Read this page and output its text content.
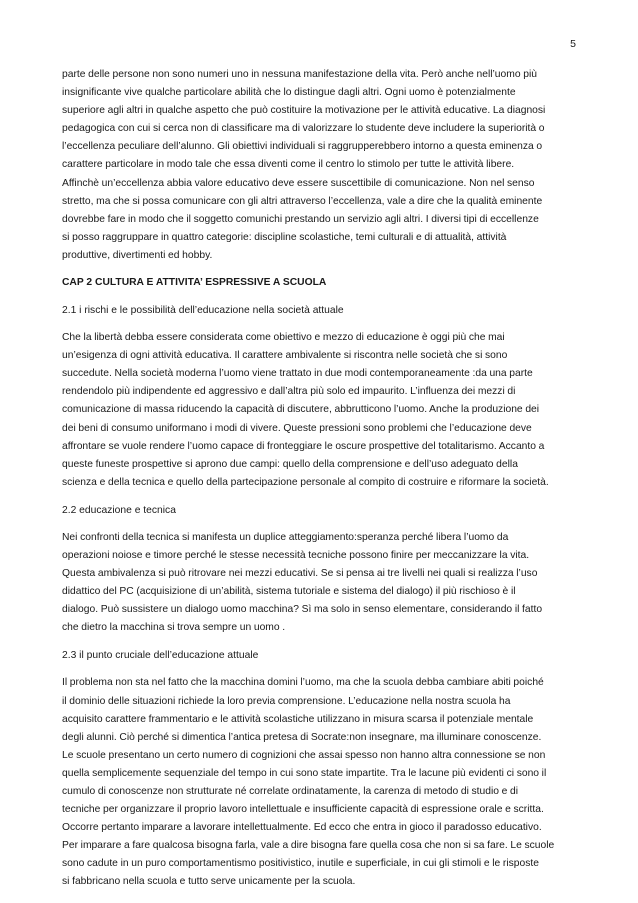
5

parte delle persone non sono numeri uno in nessuna manifestazione della vita. Però anche nell’uomo più
insignificante vive qualche particolare abilità che lo distingue dagli altri. Ogni uomo è potenzialmente
superiore agli altri in qualche aspetto che può costituire la motivazione per le attività educative. La diagnosi
pedagogica con cui si cerca non di classificare ma di valorizzare lo studente deve includere la superiorità o
l’eccellenza peculiare dell’alunno. Gli obiettivi individuali si raggrupperebbero intorno a questa eminenza o
carattere particolare in modo tale che essa diventi come il centro lo stimolo per tutte le attività libere.
Affinchè un’eccellenza abbia valore educativo deve essere suscettibile di comunicazione. Non nel senso
stretto, ma che si possa comunicare con gli altri attraverso l’eccellenza, vale a dire che la qualità eminente
dovrebbe fare in modo che il soggetto comunichi prestando un servizio agli altri. I diversi tipi di eccellenze
si posso raggruppare in quattro categorie: discipline scolastiche, temi culturali e di attualità, attività
produttive, divertimenti ed hobby.

CAP 2 CULTURA E ATTIVITA’ ESPRESSIVE A SCUOLA
2.1 i rischi e le possibilità dell’educazione nella società attuale

Che la libertà debba essere considerata come obiettivo e mezzo di educazione è oggi più che mai
un’esigenza di ogni attività educativa. Il carattere ambivalente si riscontra nelle società che si sono
succedute. Nella società moderna l’uomo viene trattato in due modi contemporaneamente :da una parte
rendendolo più indipendente ed aggressivo e dall’altra più solo ed impaurito. L’influenza dei mezzi di
comunicazione di massa riducendo la capacità di discutere, abbrutticono l’uomo. Anche la produzione dei
dei beni di consumo uniformano i modi di vivere. Queste pressioni sono problemi che l’educazione deve
affrontare se vuole rendere l’uomo capace di fronteggiare le oscure prospettive del totalitarismo. Accanto a
queste funeste prospettive si aprono due campi: quello della comprensione e dell’uso adeguato della
scienza e della tecnica e quello della partecipazione personale al compito di costruire e riformare la società.

2.2 educazione e tecnica

Nei confronti della tecnica si manifesta un duplice atteggiamento:speranza perché libera l’uomo da
operazioni noiose e timore perché le stesse necessità tecniche possono finire per meccanizzare la vita.
Questa ambivalenza si può ritrovare nei mezzi educativi. Se si pensa ai tre livelli nei quali si realizza l’uso
didattico del PC (acquisizione di un’abilità, sistema tutoriale e sistema del dialogo) il più rischioso è il
dialogo. Può sussistere un dialogo uomo macchina? Sì ma solo in senso elementare, considerando il fatto
che dietro la macchina si trova sempre un uomo .

2.3 il punto cruciale dell’educazione attuale

Il problema non sta nel fatto che la macchina domini l’uomo, ma che la scuola debba cambiare abiti poiché
il dominio delle situazioni richiede la loro previa comprensione. L’educazione nella nostra scuola ha
acquisito carattere frammentario e le attività scolastiche utilizzano in misura scarsa il potenziale mentale
degli alunni. Ciò perché si dimentica l’antica pretesa di Socrate:non insegnare, ma illuminare conoscenze.
Le scuole presentano un certo numero di cognizioni che assai spesso non hanno altra connessione se non
quella semplicemente sequenziale del tempo in cui sono state impartite. Tra le lacune più evidenti ci sono il
cumulo di conoscenze non strutturate né correlate ordinatamente, la carenza di metodo di studio e di
tecniche per organizzare il proprio lavoro intellettuale e insufficiente capacità di espressione orale e scritta.
Occorre pertanto imparare a lavorare intellettualmente. Ed ecco che entra in gioco il paradosso educativo.
Per imparare a fare qualcosa bisogna farla, vale a dire bisogna fare quella cosa che non si sa fare. Le scuole
sono cadute in un puro comportamentismo positivistico, inutile e superficiale, in cui gli stimoli e le risposte
si fabbricano nella scuola e tutto serve unicamente per la scuola.
